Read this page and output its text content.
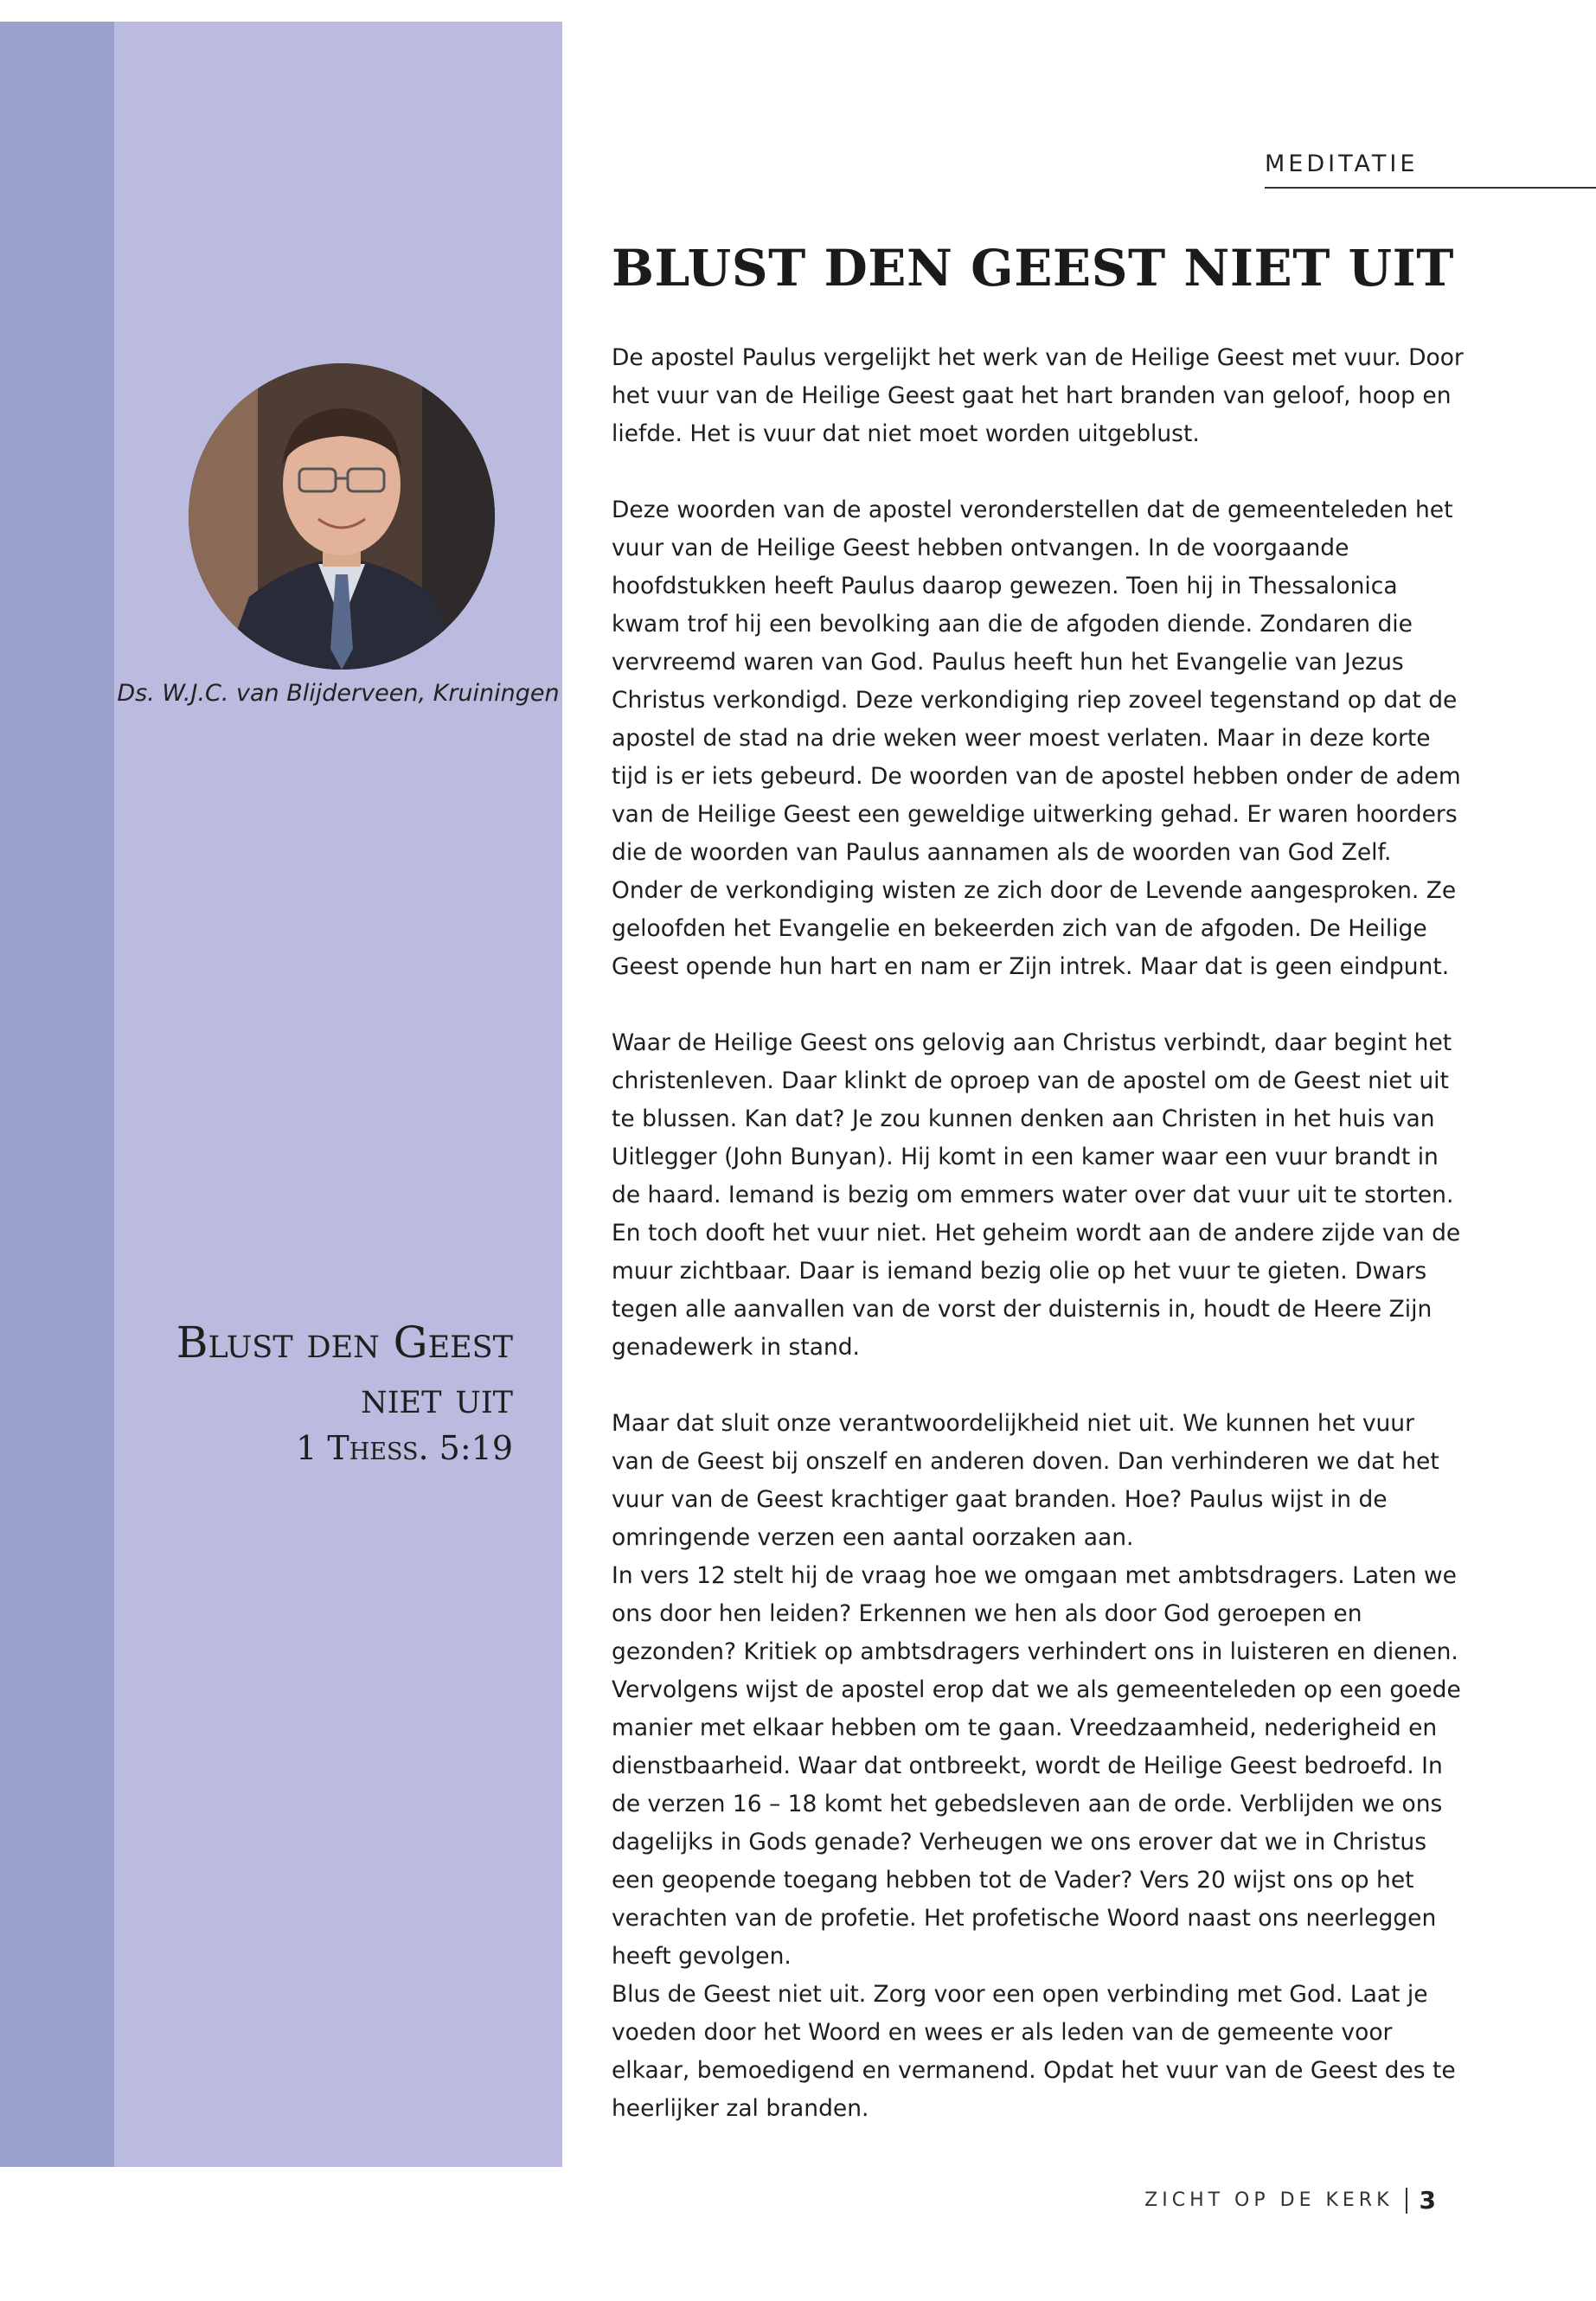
MEDITATIE
BLUST DEN GEEST NIET UIT
Ds. W.J.C. van Blijderveen, Kruiningen
Blust den Geest
niet uit
1 Thess. 5:19

De apostel Paulus vergelijkt het werk van de Heilige Geest met vuur. Door het vuur van de Heilige Geest gaat het hart branden van geloof, hoop en liefde. Het is vuur dat niet moet worden uitgeblust.

Deze woorden van de apostel veronderstellen dat de gemeenteleden het vuur van de Heilige Geest hebben ontvangen. In de voorgaande hoofdstukken heeft Paulus daarop gewezen. Toen hij in Thessalonica kwam trof hij een bevolking aan die de afgoden diende. Zondaren die vervreemd waren van God. Paulus heeft hun het Evangelie van Jezus Christus verkondigd. Deze verkondiging riep zoveel tegenstand op dat de apostel de stad na drie weken weer moest verlaten. Maar in deze korte tijd is er iets gebeurd. De woorden van de apostel hebben onder de adem van de Heilige Geest een geweldige uitwerking gehad. Er waren hoorders die de woorden van Paulus aannamen als de woorden van God Zelf. Onder de verkondiging wisten ze zich door de Levende aangesproken. Ze geloofden het Evangelie en bekeerden zich van de afgoden. De Heilige Geest opende hun hart en nam er Zijn intrek. Maar dat is geen eindpunt.

Waar de Heilige Geest ons gelovig aan Christus verbindt, daar begint het christenleven. Daar klinkt de oproep van de apostel om de Geest niet uit te blussen. Kan dat? Je zou kunnen denken aan Christen in het huis van Uitlegger (John Bunyan). Hij komt in een kamer waar een vuur brandt in de haard. Iemand is bezig om emmers water over dat vuur uit te storten. En toch dooft het vuur niet. Het geheim wordt aan de andere zijde van de muur zichtbaar. Daar is iemand bezig olie op het vuur te gieten. Dwars tegen alle aanvallen van de vorst der duisternis in, houdt de Heere Zijn genadewerk in stand.

Maar dat sluit onze verantwoordelijkheid niet uit. We kunnen het vuur van de Geest bij onszelf en anderen doven. Dan verhinderen we dat het vuur van de Geest krachtiger gaat branden. Hoe? Paulus wijst in de omringende verzen een aantal oorzaken aan.

In vers 12 stelt hij de vraag hoe we omgaan met ambtsdragers. Laten we ons door hen leiden? Erkennen we hen als door God geroepen en gezonden? Kritiek op ambtsdragers verhindert ons in luisteren en dienen. Vervolgens wijst de apostel erop dat we als gemeenteleden op een goede manier met elkaar hebben om te gaan. Vreedzaamheid, nederigheid en dienstbaarheid. Waar dat ontbreekt, wordt de Heilige Geest bedroefd. In de verzen 16 – 18 komt het gebedsleven aan de orde. Verblijden we ons dagelijks in Gods genade? Verheugen we ons erover dat we in Christus een geopende toegang hebben tot de Vader? Vers 20 wijst ons op het verachten van de profetie. Het profetische Woord naast ons neerleggen heeft gevolgen.

Blus de Geest niet uit. Zorg voor een open verbinding met God. Laat je voeden door het Woord en wees er als leden van de gemeente voor elkaar, bemoedigend en vermanend. Opdat het vuur van de Geest des te heerlijker zal branden.

ZICHT OP DE KERK 3
